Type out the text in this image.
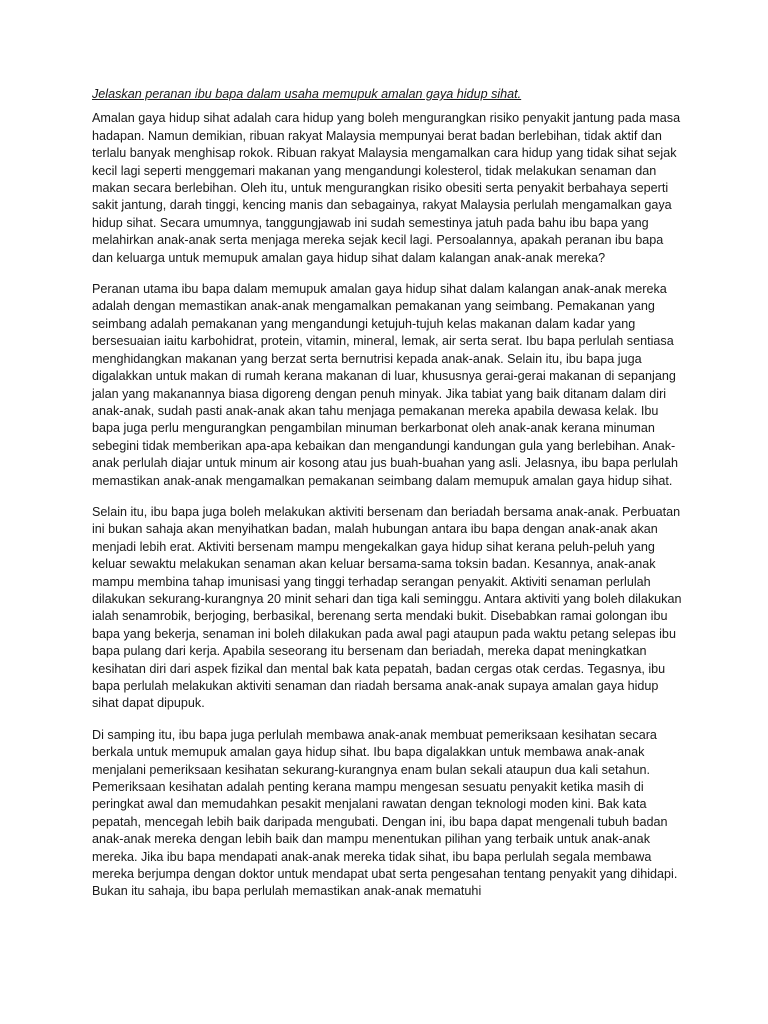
Jelaskan peranan ibu bapa dalam usaha memupuk amalan gaya hidup sihat.

Amalan gaya hidup sihat adalah cara hidup yang boleh mengurangkan risiko penyakit jantung pada masa hadapan. Namun demikian, ribuan rakyat Malaysia mempunyai berat badan berlebihan, tidak aktif dan terlalu banyak menghisap rokok. Ribuan rakyat Malaysia mengamalkan cara hidup yang tidak sihat sejak kecil lagi seperti menggemari makanan yang mengandungi kolesterol, tidak melakukan senaman dan makan secara berlebihan. Oleh itu, untuk mengurangkan risiko obesiti serta penyakit berbahaya seperti sakit jantung, darah tinggi, kencing manis dan sebagainya, rakyat Malaysia perlulah mengamalkan gaya hidup sihat. Secara umumnya, tanggungjawab ini sudah semestinya jatuh pada bahu ibu bapa yang melahirkan anak-anak serta menjaga mereka sejak kecil lagi. Persoalannya, apakah peranan ibu bapa dan keluarga untuk memupuk amalan gaya hidup sihat dalam kalangan anak-anak mereka?

Peranan utama ibu bapa dalam memupuk amalan gaya hidup sihat dalam kalangan anak-anak mereka adalah dengan memastikan anak-anak mengamalkan pemakanan yang seimbang. Pemakanan yang seimbang adalah pemakanan yang mengandungi ketujuh-tujuh kelas makanan dalam kadar yang bersesuaian iaitu karbohidrat, protein, vitamin, mineral, lemak, air serta serat. Ibu bapa perlulah sentiasa menghidangkan makanan yang berzat serta bernutrisi kepada anak-anak. Selain itu, ibu bapa juga digalakkan untuk makan di rumah kerana makanan di luar, khususnya gerai-gerai makanan di sepanjang jalan yang makanannya biasa digoreng dengan penuh minyak. Jika tabiat yang baik ditanam dalam diri anak-anak, sudah pasti anak-anak akan tahu menjaga pemakanan mereka apabila dewasa kelak. Ibu bapa juga perlu mengurangkan pengambilan minuman berkarbonat oleh anak-anak kerana minuman sebegini tidak memberikan apa-apa kebaikan dan mengandungi kandungan gula yang berlebihan. Anak-anak perlulah diajar untuk minum air kosong atau jus buah-buahan yang asli. Jelasnya, ibu bapa perlulah memastikan anak-anak mengamalkan pemakanan seimbang dalam memupuk amalan gaya hidup sihat.

Selain itu, ibu bapa juga boleh melakukan aktiviti bersenam dan beriadah bersama anak-anak. Perbuatan ini bukan sahaja akan menyihatkan badan, malah hubungan antara ibu bapa dengan anak-anak akan menjadi lebih erat. Aktiviti bersenam mampu mengekalkan gaya hidup sihat kerana peluh-peluh yang keluar sewaktu melakukan senaman akan keluar bersama-sama toksin badan. Kesannya, anak-anak mampu membina tahap imunisasi yang tinggi terhadap serangan penyakit. Aktiviti senaman perlulah dilakukan sekurang-kurangnya 20 minit sehari dan tiga kali seminggu. Antara aktiviti yang boleh dilakukan ialah senamrobik, berjoging, berbasikal, berenang serta mendaki bukit. Disebabkan ramai golongan ibu bapa yang bekerja, senaman ini boleh dilakukan pada awal pagi ataupun pada waktu petang selepas ibu bapa pulang dari kerja. Apabila seseorang itu bersenam dan beriadah, mereka dapat meningkatkan kesihatan diri dari aspek fizikal dan mental bak kata pepatah, badan cergas otak cerdas. Tegasnya, ibu bapa perlulah melakukan aktiviti senaman dan riadah bersama anak-anak supaya amalan gaya hidup sihat dapat dipupuk.

Di samping itu, ibu bapa juga perlulah membawa anak-anak membuat pemeriksaan kesihatan secara berkala untuk memupuk amalan gaya hidup sihat. Ibu bapa digalakkan untuk membawa anak-anak menjalani pemeriksaan kesihatan sekurang-kurangnya enam bulan sekali ataupun dua kali setahun. Pemeriksaan kesihatan adalah penting kerana mampu mengesan sesuatu penyakit ketika masih di peringkat awal dan memudahkan pesakit menjalani rawatan dengan teknologi moden kini. Bak kata pepatah, mencegah lebih baik daripada mengubati. Dengan ini, ibu bapa dapat mengenali tubuh badan anak-anak mereka dengan lebih baik dan mampu menentukan pilihan yang terbaik untuk anak-anak mereka. Jika ibu bapa mendapati anak-anak mereka tidak sihat, ibu bapa perlulah segala membawa mereka berjumpa dengan doktor untuk mendapat ubat serta pengesahan tentang penyakit yang dihidapi. Bukan itu sahaja, ibu bapa perlulah memastikan anak-anak mematuhi
